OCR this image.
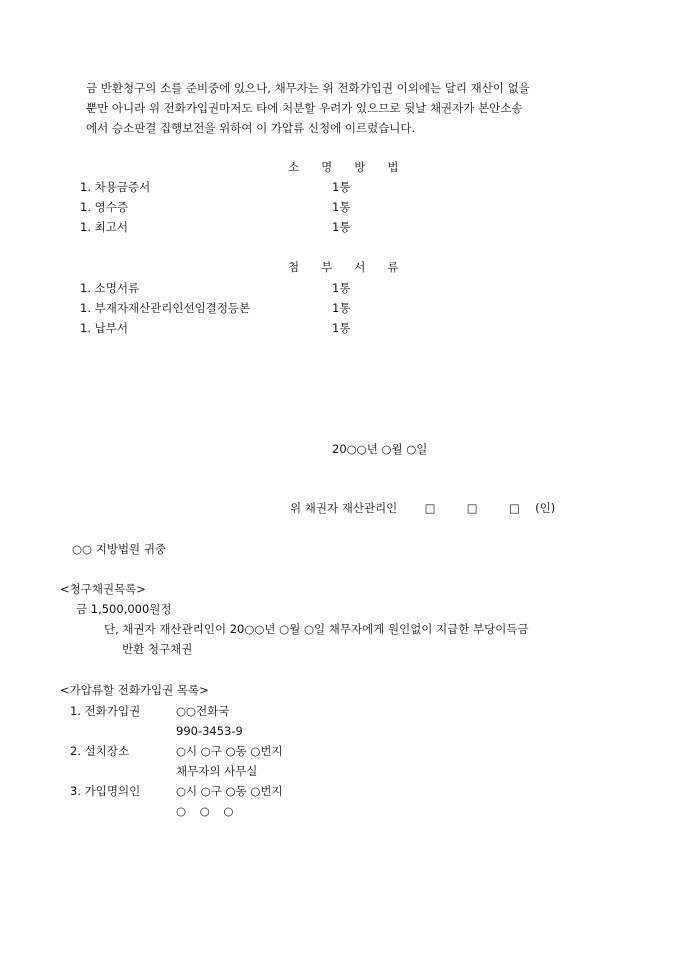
금 반환청구의 소를 준비중에 있으나, 채무자는 위 전화가입권 이외에는 달리 재산이 없을
뿐만 아니라 위 전화가입권마저도 타에 처분할 우려가 있으므로 뒷날 채권자가 본안소송
에서 승소판결 집행보전을 위하여 이 가압류 신청에 이르렀습니다.
소명방법
1. 차용금증서	1통
1. 영수증	1통
1. 최고서	1통
첨부서류
1. 소명서류	1통
1. 부재자재산관리인선임결정등본	1통
1. 납부서	1통
20○○년 ○월 ○일
위 채권자 재산관리인 □	□	□ (인)
○○ 지방법원 귀중
<청구채권목록>
금 1,500,000원정
단, 채권자 재산관리인이 20○○년 ○월 ○일 채무자에게 원인없이 지급한 부당이득금
반환 청구채권
<가압류할 전화가입권 목록>
1. 전화가입권	○○전화국
990-3453-9
2. 설치장소	○시 ○구 ○동 ○번지
채무자의 사무실
3. 가입명의인	○시 ○구 ○동 ○번지
○ ○ ○
